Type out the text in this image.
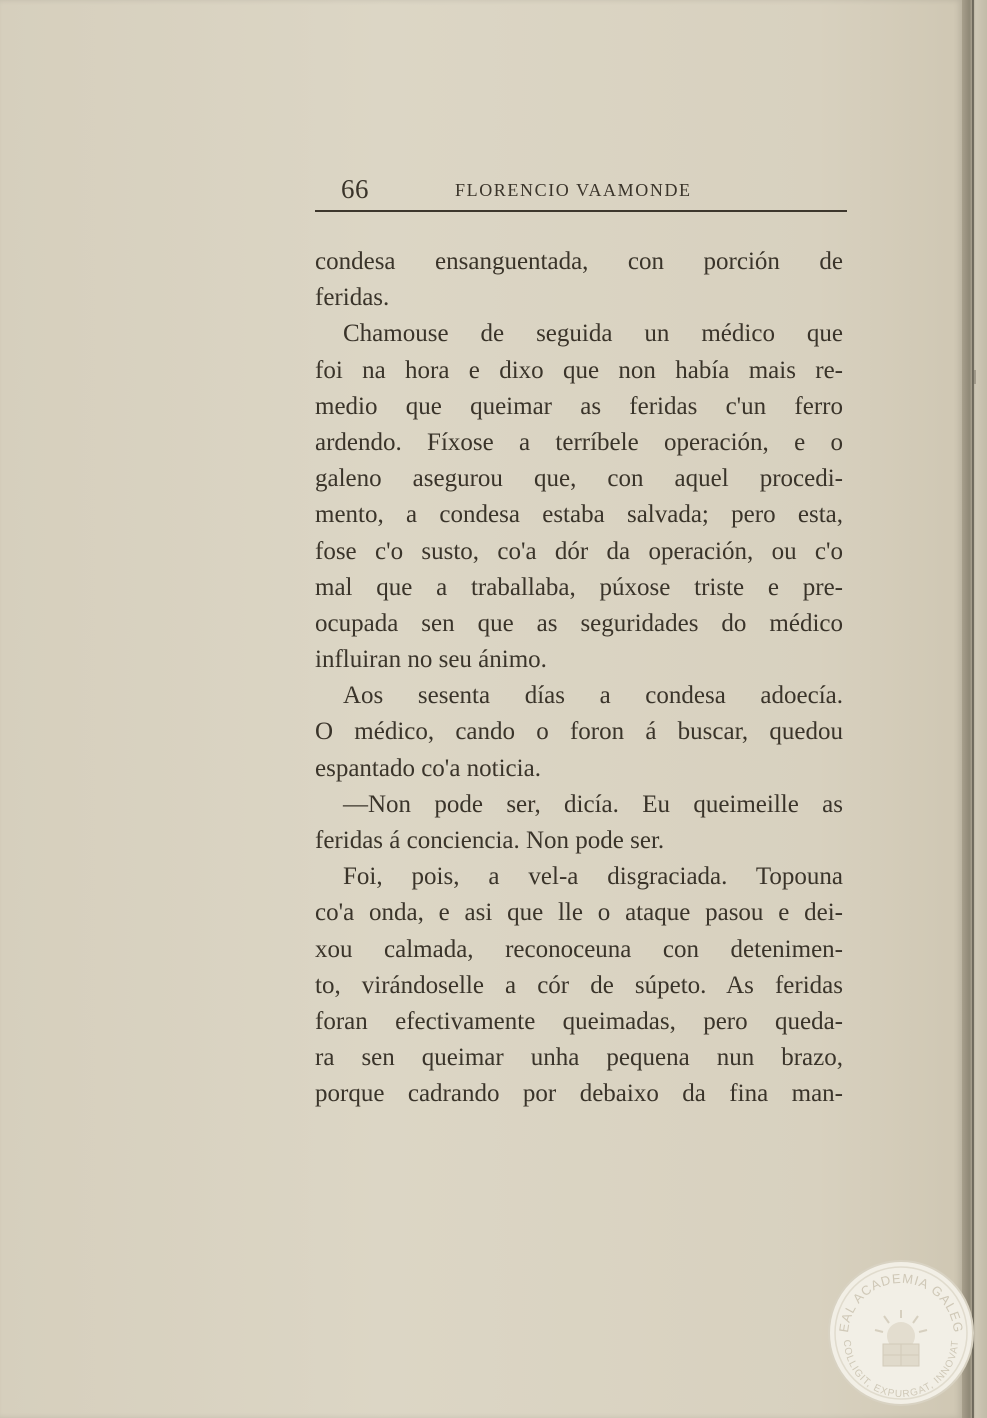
66	FLORENCIO VAAMONDE
condesa ensanguentada, con porción de
feridas.
Chamouse de seguida un médico que
foi na hora e dixo que non había mais re-
medio que queimar as feridas c'un ferro
ardendo. Fíxose a terríbele operación, e o
galeno asegurou que, con aquel procedi-
mento, a condesa estaba salvada; pero esta,
fose c'o susto, co'a dór da operación, ou c'o
mal que a traballaba, púxose triste e pre-
ocupada sen que as seguridades do médico
influiran no seu ánimo.
Aos sesenta días a condesa adoecía.
O médico, cando o foron á buscar, quedou
espantado co'a noticia.
—Non pode ser, dicía. Eu queimeille as
feridas á conciencia. Non pode ser.
Foi, pois, a vel-a disgraciada. Topouna
co'a onda, e asi que lle o ataque pasou e dei-
xou calmada, reconoceuna con detenimen-
to, virándoselle a cór de súpeto. As feridas
foran efectivamente queimadas, pero queda-
ra sen queimar unha pequena nun brazo,
porque cadrando por debaixo da fina man-
EAL ACADEMIA GALEG
COLLIGIT, EXPURGAT, INNOVAT
